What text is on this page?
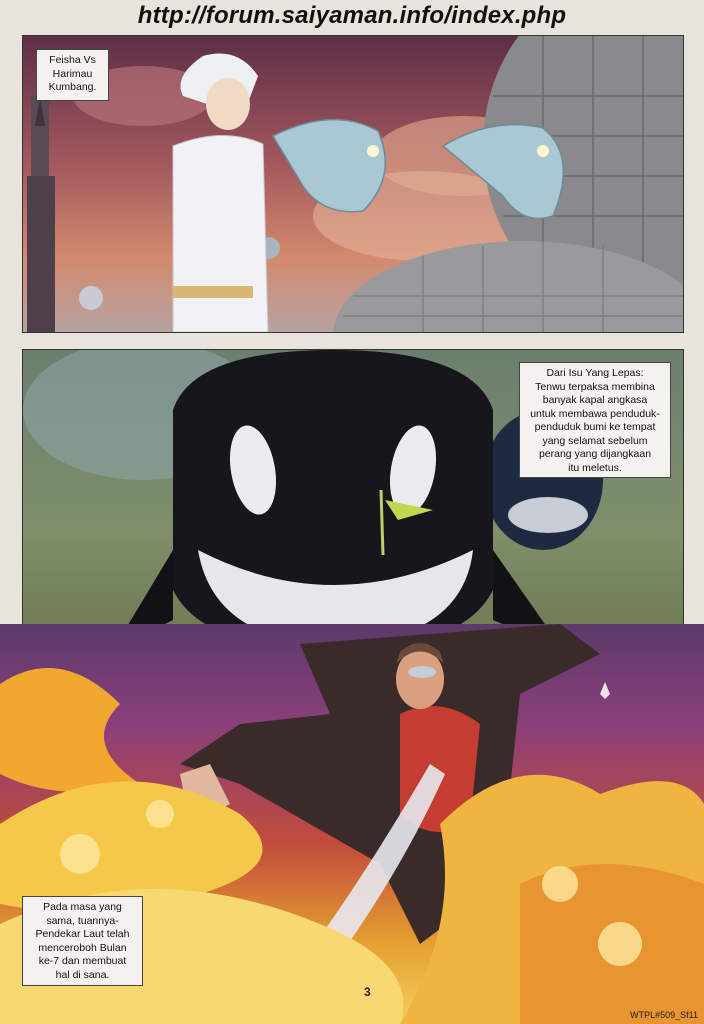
http://forum.saiyaman.info/index.php
Feisha Vs
Harimau
Kumbang.
Dari Isu Yang Lepas:
Tenwu terpaksa membina
banyak kapal angkasa
untuk membawa penduduk-
penduduk bumi ke tempat
yang selamat sebelum
perang yang dijangkaan
itu meletus.
Pada masa yang
sama, tuannya-
Pendekar Laut telah
menceroboh Bulan
ke-7 dan membuat
hal di sana.
3
WTPL#509_Sf11
